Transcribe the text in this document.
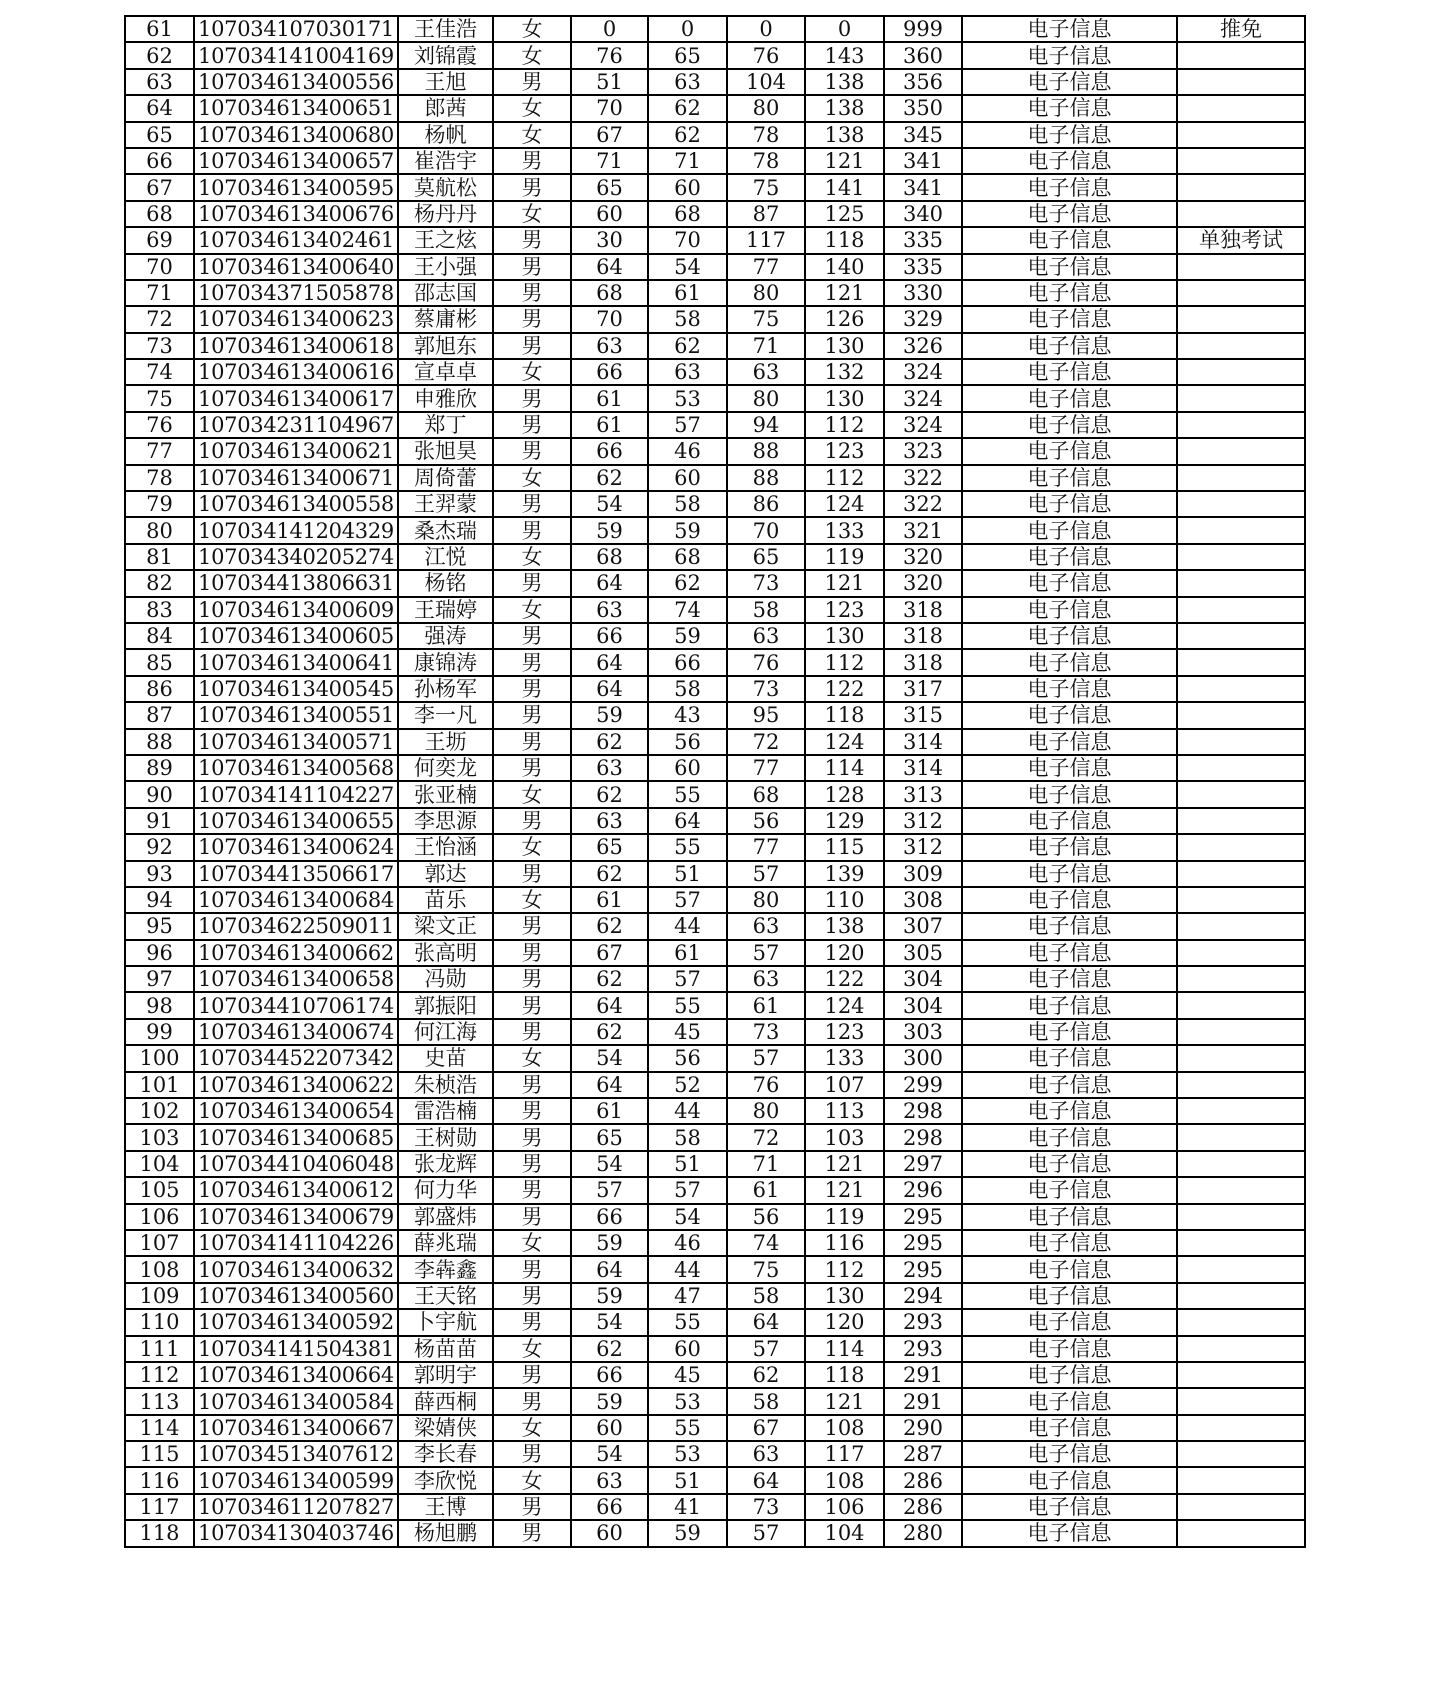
61	107034107030171	王佳浩	女	0	0	0	0	999	电子信息	推免
62	107034141004169	刘锦霞	女	76	65	76	143	360	电子信息	
63	107034613400556	王旭	男	51	63	104	138	356	电子信息	
64	107034613400651	郎茜	女	70	62	80	138	350	电子信息	
65	107034613400680	杨帆	女	67	62	78	138	345	电子信息	
66	107034613400657	崔浩宇	男	71	71	78	121	341	电子信息	
67	107034613400595	莫航松	男	65	60	75	141	341	电子信息	
68	107034613400676	杨丹丹	女	60	68	87	125	340	电子信息	
69	107034613402461	王之炫	男	30	70	117	118	335	电子信息	单独考试
70	107034613400640	王小强	男	64	54	77	140	335	电子信息	
71	107034371505878	邵志国	男	68	61	80	121	330	电子信息	
72	107034613400623	蔡庸彬	男	70	58	75	126	329	电子信息	
73	107034613400618	郭旭东	男	63	62	71	130	326	电子信息	
74	107034613400616	宣卓卓	女	66	63	63	132	324	电子信息	
75	107034613400617	申雅欣	男	61	53	80	130	324	电子信息	
76	107034231104967	郑丁	男	61	57	94	112	324	电子信息	
77	107034613400621	张旭昊	男	66	46	88	123	323	电子信息	
78	107034613400671	周倚蕾	女	62	60	88	112	322	电子信息	
79	107034613400558	王羿蒙	男	54	58	86	124	322	电子信息	
80	107034141204329	桑杰瑞	男	59	59	70	133	321	电子信息	
81	107034340205274	江悦	女	68	68	65	119	320	电子信息	
82	107034413806631	杨铭	男	64	62	73	121	320	电子信息	
83	107034613400609	王瑞婷	女	63	74	58	123	318	电子信息	
84	107034613400605	强涛	男	66	59	63	130	318	电子信息	
85	107034613400641	康锦涛	男	64	66	76	112	318	电子信息	
86	107034613400545	孙杨军	男	64	58	73	122	317	电子信息	
87	107034613400551	李一凡	男	59	43	95	118	315	电子信息	
88	107034613400571	王坜	男	62	56	72	124	314	电子信息	
89	107034613400568	何奕龙	男	63	60	77	114	314	电子信息	
90	107034141104227	张亚楠	女	62	55	68	128	313	电子信息	
91	107034613400655	李思源	男	63	64	56	129	312	电子信息	
92	107034613400624	王怡涵	女	65	55	77	115	312	电子信息	
93	107034413506617	郭达	男	62	51	57	139	309	电子信息	
94	107034613400684	苗乐	女	61	57	80	110	308	电子信息	
95	107034622509011	梁文正	男	62	44	63	138	307	电子信息	
96	107034613400662	张高明	男	67	61	57	120	305	电子信息	
97	107034613400658	冯勋	男	62	57	63	122	304	电子信息	
98	107034410706174	郭振阳	男	64	55	61	124	304	电子信息	
99	107034613400674	何江海	男	62	45	73	123	303	电子信息	
100	107034452207342	史苗	女	54	56	57	133	300	电子信息	
101	107034613400622	朱桢浩	男	64	52	76	107	299	电子信息	
102	107034613400654	雷浩楠	男	61	44	80	113	298	电子信息	
103	107034613400685	王树勋	男	65	58	72	103	298	电子信息	
104	107034410406048	张龙辉	男	54	51	71	121	297	电子信息	
105	107034613400612	何力华	男	57	57	61	121	296	电子信息	
106	107034613400679	郭盛炜	男	66	54	56	119	295	电子信息	
107	107034141104226	薛兆瑞	女	59	46	74	116	295	电子信息	
108	107034613400632	李犇鑫	男	64	44	75	112	295	电子信息	
109	107034613400560	王天铭	男	59	47	58	130	294	电子信息	
110	107034613400592	卜宇航	男	54	55	64	120	293	电子信息	
111	107034141504381	杨苗苗	女	62	60	57	114	293	电子信息	
112	107034613400664	郭明宇	男	66	45	62	118	291	电子信息	
113	107034613400584	薛西桐	男	59	53	58	121	291	电子信息	
114	107034613400667	梁婧侠	女	60	55	67	108	290	电子信息	
115	107034513407612	李长春	男	54	53	63	117	287	电子信息	
116	107034613400599	李欣悦	女	63	51	64	108	286	电子信息	
117	107034611207827	王博	男	66	41	73	106	286	电子信息	
118	107034130403746	杨旭鹏	男	60	59	57	104	280	电子信息	
